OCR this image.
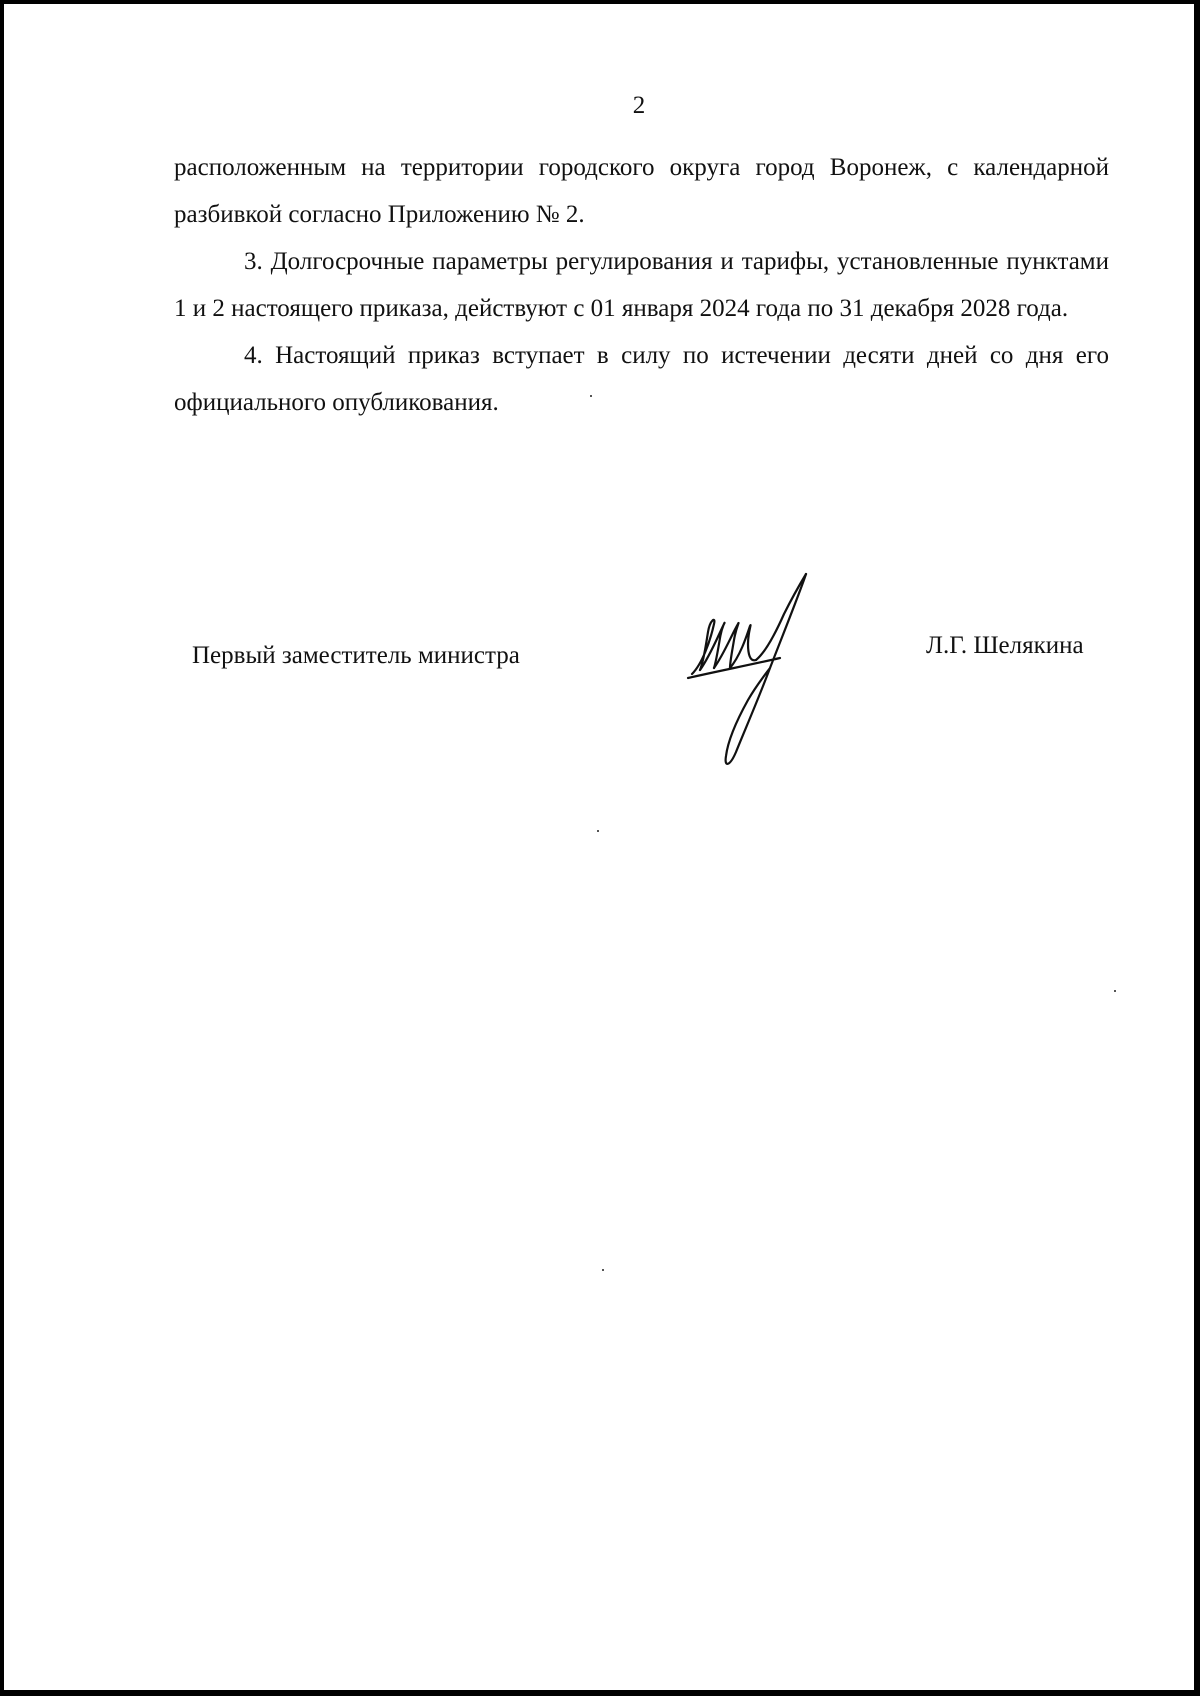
2

расположенным на территории городского округа город Воронеж, с календарной разбивкой согласно Приложению № 2.

3. Долгосрочные параметры регулирования и тарифы, установленные пунктами 1 и 2 настоящего приказа, действуют с 01 января 2024 года по 31 декабря 2028 года.

4. Настоящий приказ вступает в силу по истечении десяти дней со дня его официального опубликования.

Первый заместитель министра	Л.Г. Шелякина
